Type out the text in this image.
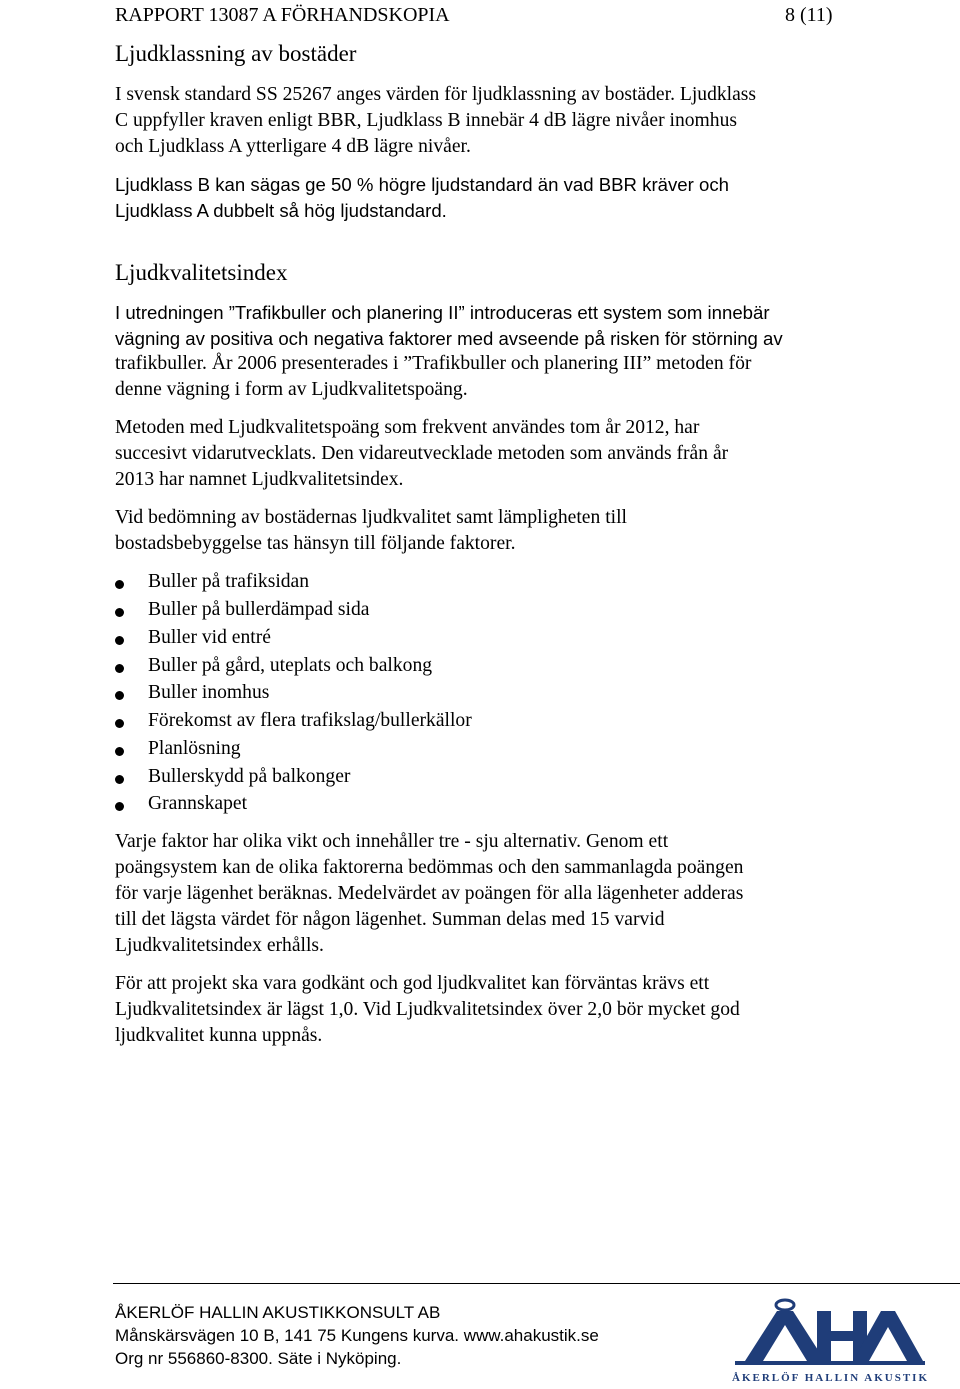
RAPPORT 13087 A FÖRHANDSKOPIA	8 (11)
Ljudklassning av bostäder
I svensk standard SS 25267 anges värden för ljudklassning av bostäder. Ljudklass
C uppfyller kraven enligt BBR, Ljudklass B innebär 4 dB lägre nivåer inomhus
och Ljudklass A ytterligare 4 dB lägre nivåer.
Ljudklass B kan sägas ge 50 % högre ljudstandard än vad BBR kräver och
Ljudklass A dubbelt så hög ljudstandard.
Ljudkvalitetsindex
I utredningen ”Trafikbuller och planering II” introduceras ett system som innebär
vägning av positiva och negativa faktorer med avseende på risken för störning av
trafikbuller. År 2006 presenterades i ”Trafikbuller och planering III” metoden för
denne vägning i form av Ljudkvalitetspoäng.
Metoden med Ljudkvalitetspoäng som frekvent användes tom år 2012, har
succesivt vidarutvecklats. Den vidareutvecklade metoden som används från år
2013 har namnet Ljudkvalitetsindex.
Vid bedömning av bostädernas ljudkvalitet samt lämpligheten till
bostadsbebyggelse tas hänsyn till följande faktorer.
Buller på trafiksidan
Buller på bullerdämpad sida
Buller vid entré
Buller på gård, uteplats och balkong
Buller inomhus
Förekomst av flera trafikslag/bullerkällor
Planlösning
Bullerskydd på balkonger
Grannskapet
Varje faktor har olika vikt och innehåller tre - sju alternativ. Genom ett
poängsystem kan de olika faktorerna bedömmas och den sammanlagda poängen
för varje lägenhet beräknas. Medelvärdet av poängen för alla lägenheter adderas
till det lägsta värdet för någon lägenhet. Summan delas med 15 varvid
Ljudkvalitetsindex erhålls.
För att projekt ska vara godkänt och god ljudkvalitet kan förväntas krävs ett
Ljudkvalitetsindex är lägst 1,0. Vid Ljudkvalitetsindex över 2,0 bör mycket god
ljudkvalitet kunna uppnås.
ÅKERLÖF HALLIN AKUSTIKKONSULT AB
Månskärsvägen 10 B, 141 75 Kungens kurva. www.ahakustik.se
Org nr 556860-8300. Säte i Nyköping.
ÅKERLÖF HALLIN AKUSTIK
